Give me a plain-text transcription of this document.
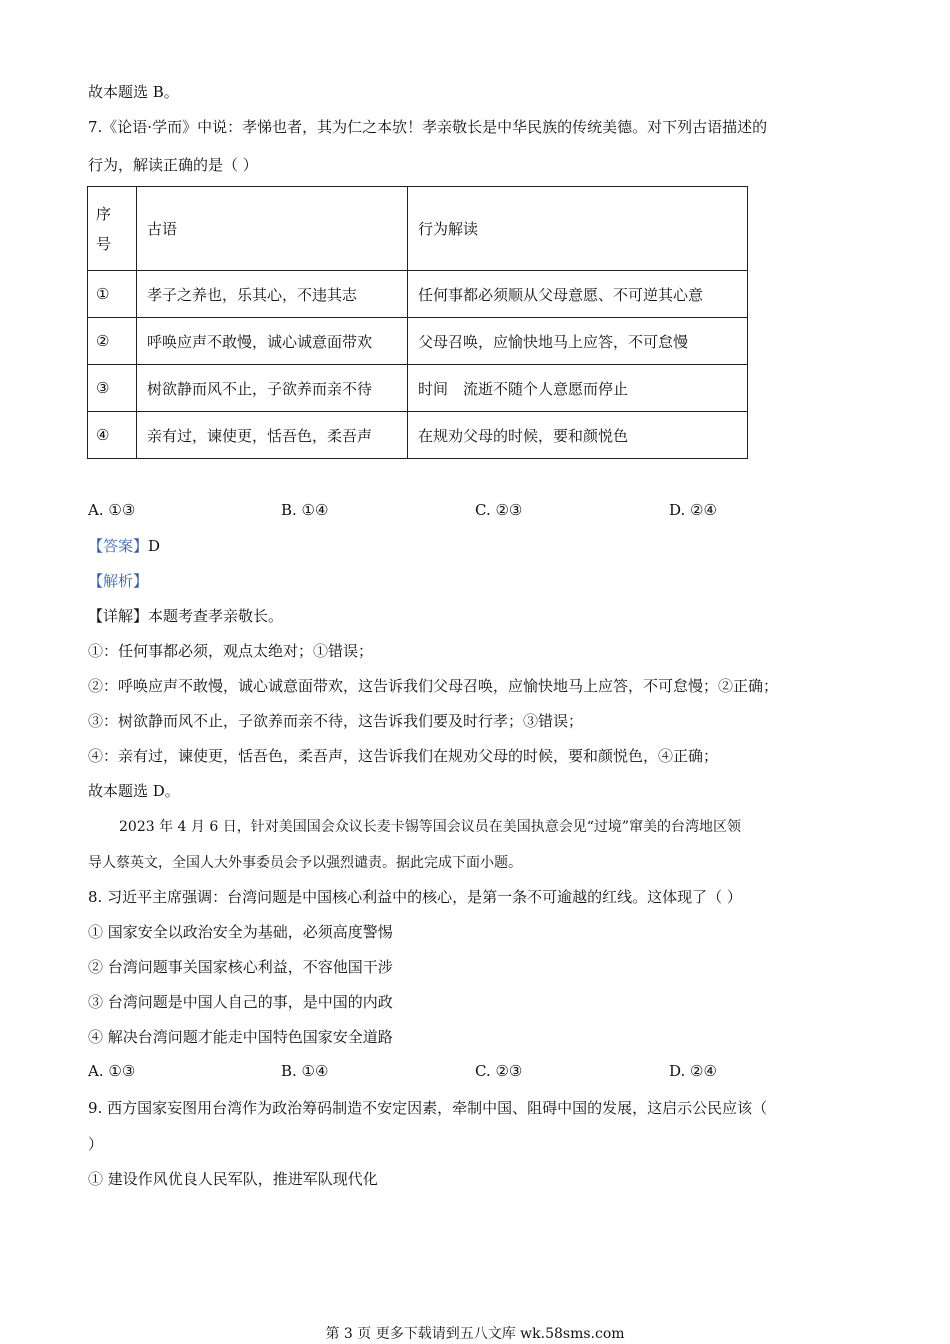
故本题选 B。
7.《论语·学而》中说：孝悌也者，其为仁之本欤！孝亲敬长是中华民族的传统美德。对下列古语描述的
行为，解读正确的是（ ）
序
号	古语	行为解读
①	孝子之养也，乐其心，不违其志	任何事都必须顺从父母意愿、不可逆其心意
②	呼唤应声不敢慢，诚心诚意面带欢	父母召唤，应愉快地马上应答，不可怠慢
③	树欲静而风不止，子欲养而亲不待	时间　流逝不随个人意愿而停止
④	亲有过，谏使更，恬吾色，柔吾声	在规劝父母的时候，要和颜悦色
A. ①③	B. ①④	C. ②③	D. ②④
【答案】D
【解析】
【详解】本题考查孝亲敬长。
①：任何事都必须，观点太绝对；①错误；
②：呼唤应声不敢慢，诚心诚意面带欢，这告诉我们父母召唤，应愉快地马上应答，不可怠慢；②正确；
③：树欲静而风不止，子欲养而亲不待，这告诉我们要及时行孝；③错误；
④：亲有过，谏使更，恬吾色，柔吾声，这告诉我们在规劝父母的时候，要和颜悦色，④正确；
故本题选 D。
2023 年 4 月 6 日，针对美国国会众议长麦卡锡等国会议员在美国执意会见“过境”窜美的台湾地区领
导人蔡英文，全国人大外事委员会予以强烈谴责。据此完成下面小题。
8. 习近平主席强调：台湾问题是中国核心利益中的核心，是第一条不可逾越的红线。这体现了（ ）
① 国家安全以政治安全为基础，必须高度警惕
② 台湾问题事关国家核心利益，不容他国干涉
③ 台湾问题是中国人自己的事，是中国的内政
④ 解决台湾问题才能走中国特色国家安全道路
A. ①③	B. ①④	C. ②③	D. ②④
9. 西方国家妄图用台湾作为政治筹码制造不安定因素，牵制中国、阻碍中国的发展，这启示公民应该（
）
① 建设作风优良人民军队，推进军队现代化
第 3 页 更多下载请到五八文库 wk.58sms.com
